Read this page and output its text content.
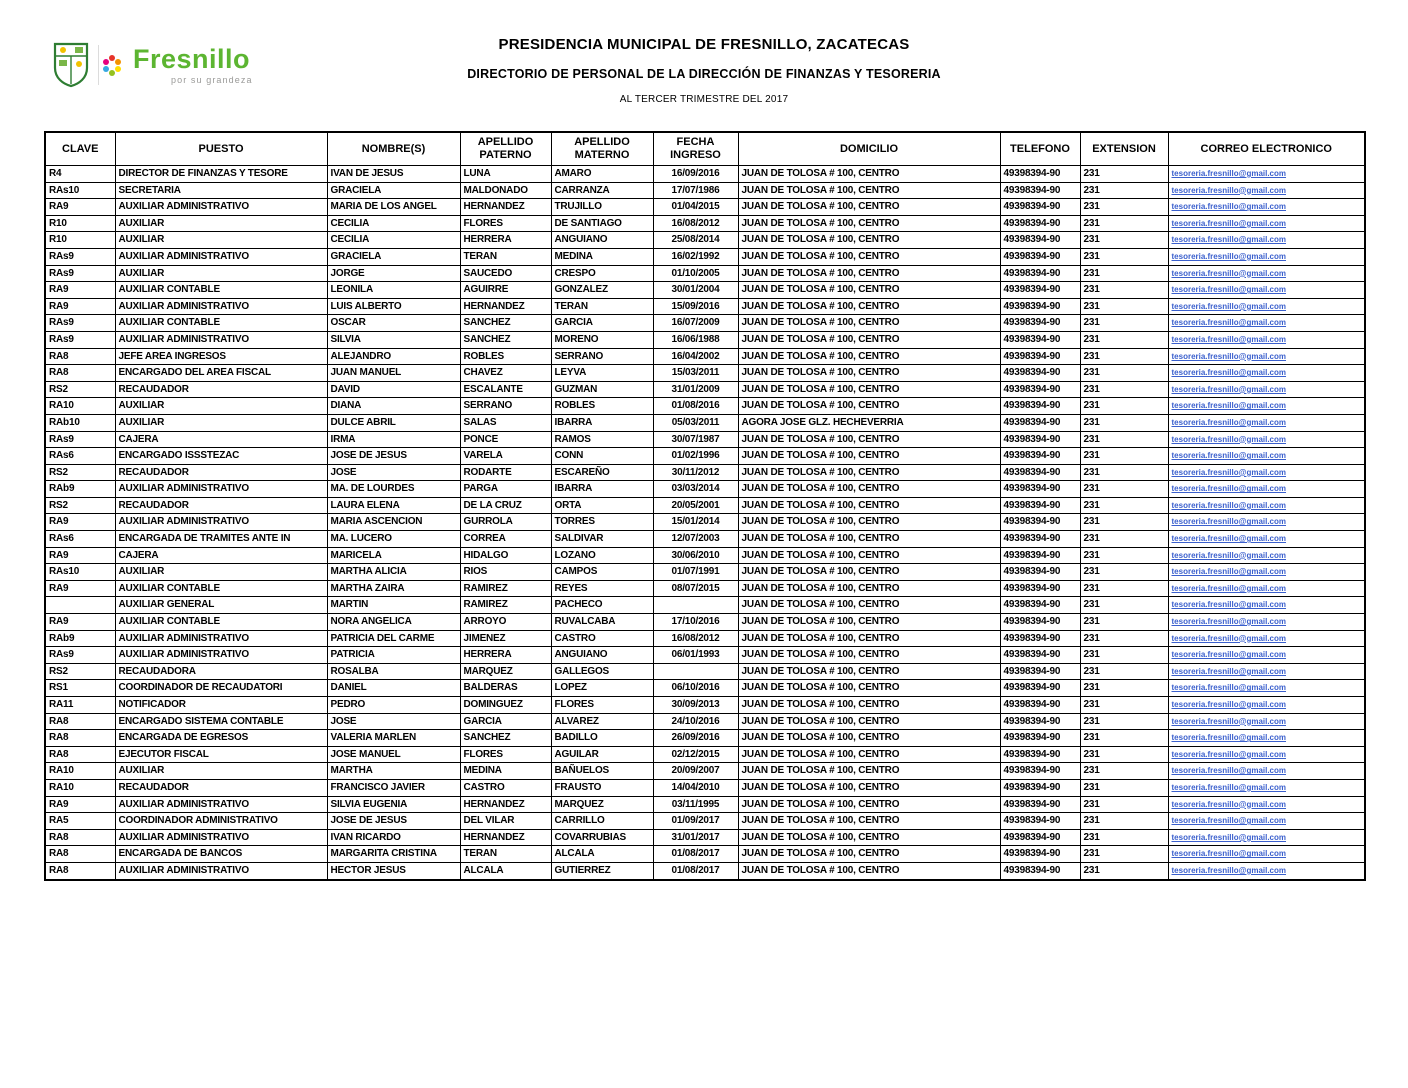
Fresnillo
por su grandeza
PRESIDENCIA MUNICIPAL DE FRESNILLO, ZACATECAS
DIRECTORIO DE PERSONAL DE LA DIRECCIÓN DE FINANZAS Y TESORERIA
AL TERCER TRIMESTRE DEL 2017
CLAVE	PUESTO	NOMBRE(S)	APELLIDO PATERNO	APELLIDO MATERNO	FECHA INGRESO	DOMICILIO	TELEFONO	EXTENSION	CORREO ELECTRONICO
R4	DIRECTOR DE FINANZAS Y TESORE	IVAN DE JESUS	LUNA	AMARO	16/09/2016	JUAN DE TOLOSA # 100, CENTRO	49398394-90	231	tesoreria.fresnillo@gmail.com
RAs10	SECRETARIA	GRACIELA	MALDONADO	CARRANZA	17/07/1986	JUAN DE TOLOSA # 100, CENTRO	49398394-90	231	tesoreria.fresnillo@gmail.com
RA9	AUXILIAR ADMINISTRATIVO	MARIA DE LOS ANGEL	HERNANDEZ	TRUJILLO	01/04/2015	JUAN DE TOLOSA # 100, CENTRO	49398394-90	231	tesoreria.fresnillo@gmail.com
R10	AUXILIAR	CECILIA	FLORES	DE SANTIAGO	16/08/2012	JUAN DE TOLOSA # 100, CENTRO	49398394-90	231	tesoreria.fresnillo@gmail.com
R10	AUXILIAR	CECILIA	HERRERA	ANGUIANO	25/08/2014	JUAN DE TOLOSA # 100, CENTRO	49398394-90	231	tesoreria.fresnillo@gmail.com
RAs9	AUXILIAR ADMINISTRATIVO	GRACIELA	TERAN	MEDINA	16/02/1992	JUAN DE TOLOSA # 100, CENTRO	49398394-90	231	tesoreria.fresnillo@gmail.com
RAs9	AUXILIAR	JORGE	SAUCEDO	CRESPO	01/10/2005	JUAN DE TOLOSA # 100, CENTRO	49398394-90	231	tesoreria.fresnillo@gmail.com
RA9	AUXILIAR CONTABLE	LEONILA	AGUIRRE	GONZALEZ	30/01/2004	JUAN DE TOLOSA # 100, CENTRO	49398394-90	231	tesoreria.fresnillo@gmail.com
RA9	AUXILIAR ADMINISTRATIVO	LUIS ALBERTO	HERNANDEZ	TERAN	15/09/2016	JUAN DE TOLOSA # 100, CENTRO	49398394-90	231	tesoreria.fresnillo@gmail.com
RAs9	AUXILIAR CONTABLE	OSCAR	SANCHEZ	GARCIA	16/07/2009	JUAN DE TOLOSA # 100, CENTRO	49398394-90	231	tesoreria.fresnillo@gmail.com
RAs9	AUXILIAR ADMINISTRATIVO	SILVIA	SANCHEZ	MORENO	16/06/1988	JUAN DE TOLOSA # 100, CENTRO	49398394-90	231	tesoreria.fresnillo@gmail.com
RA8	JEFE AREA INGRESOS	ALEJANDRO	ROBLES	SERRANO	16/04/2002	JUAN DE TOLOSA # 100, CENTRO	49398394-90	231	tesoreria.fresnillo@gmail.com
RA8	ENCARGADO DEL AREA FISCAL	JUAN MANUEL	CHAVEZ	LEYVA	15/03/2011	JUAN DE TOLOSA # 100, CENTRO	49398394-90	231	tesoreria.fresnillo@gmail.com
RS2	RECAUDADOR	DAVID	ESCALANTE	GUZMAN	31/01/2009	JUAN DE TOLOSA # 100, CENTRO	49398394-90	231	tesoreria.fresnillo@gmail.com
RA10	AUXILIAR	DIANA	SERRANO	ROBLES	01/08/2016	JUAN DE TOLOSA # 100, CENTRO	49398394-90	231	tesoreria.fresnillo@gmail.com
RAb10	AUXILIAR	DULCE ABRIL	SALAS	IBARRA	05/03/2011	AGORA JOSE GLZ. HECHEVERRIA	49398394-90	231	tesoreria.fresnillo@gmail.com
RAs9	CAJERA	IRMA	PONCE	RAMOS	30/07/1987	JUAN DE TOLOSA # 100, CENTRO	49398394-90	231	tesoreria.fresnillo@gmail.com
RAs6	ENCARGADO ISSSTEZAC	JOSE DE JESUS	VARELA	CONN	01/02/1996	JUAN DE TOLOSA # 100, CENTRO	49398394-90	231	tesoreria.fresnillo@gmail.com
RS2	RECAUDADOR	JOSE	RODARTE	ESCAREÑO	30/11/2012	JUAN DE TOLOSA # 100, CENTRO	49398394-90	231	tesoreria.fresnillo@gmail.com
RAb9	AUXILIAR ADMINISTRATIVO	MA. DE LOURDES	PARGA	IBARRA	03/03/2014	JUAN DE TOLOSA # 100, CENTRO	49398394-90	231	tesoreria.fresnillo@gmail.com
RS2	RECAUDADOR	LAURA ELENA	DE LA CRUZ	ORTA	20/05/2001	JUAN DE TOLOSA # 100, CENTRO	49398394-90	231	tesoreria.fresnillo@gmail.com
RA9	AUXILIAR ADMINISTRATIVO	MARIA ASCENCION	GURROLA	TORRES	15/01/2014	JUAN DE TOLOSA # 100, CENTRO	49398394-90	231	tesoreria.fresnillo@gmail.com
RAs6	ENCARGADA DE TRAMITES ANTE IN	MA. LUCERO	CORREA	SALDIVAR	12/07/2003	JUAN DE TOLOSA # 100, CENTRO	49398394-90	231	tesoreria.fresnillo@gmail.com
RA9	CAJERA	MARICELA	HIDALGO	LOZANO	30/06/2010	JUAN DE TOLOSA # 100, CENTRO	49398394-90	231	tesoreria.fresnillo@gmail.com
RAs10	AUXILIAR	MARTHA ALICIA	RIOS	CAMPOS	01/07/1991	JUAN DE TOLOSA # 100, CENTRO	49398394-90	231	tesoreria.fresnillo@gmail.com
RA9	AUXILIAR CONTABLE	MARTHA ZAIRA	RAMIREZ	REYES	08/07/2015	JUAN DE TOLOSA # 100, CENTRO	49398394-90	231	tesoreria.fresnillo@gmail.com
	AUXILIAR GENERAL	MARTIN	RAMIREZ	PACHECO		JUAN DE TOLOSA # 100, CENTRO	49398394-90	231	tesoreria.fresnillo@gmail.com
RA9	AUXILIAR CONTABLE	NORA ANGELICA	ARROYO	RUVALCABA	17/10/2016	JUAN DE TOLOSA # 100, CENTRO	49398394-90	231	tesoreria.fresnillo@gmail.com
RAb9	AUXILIAR ADMINISTRATIVO	PATRICIA DEL CARME	JIMENEZ	CASTRO	16/08/2012	JUAN DE TOLOSA # 100, CENTRO	49398394-90	231	tesoreria.fresnillo@gmail.com
RAs9	AUXILIAR ADMINISTRATIVO	PATRICIA	HERRERA	ANGUIANO	06/01/1993	JUAN DE TOLOSA # 100, CENTRO	49398394-90	231	tesoreria.fresnillo@gmail.com
RS2	RECAUDADORA	ROSALBA	MARQUEZ	GALLEGOS		JUAN DE TOLOSA # 100, CENTRO	49398394-90	231	tesoreria.fresnillo@gmail.com
RS1	COORDINADOR DE RECAUDATORI	DANIEL	BALDERAS	LOPEZ	06/10/2016	JUAN DE TOLOSA # 100, CENTRO	49398394-90	231	tesoreria.fresnillo@gmail.com
RA11	NOTIFICADOR	PEDRO	DOMINGUEZ	FLORES	30/09/2013	JUAN DE TOLOSA # 100, CENTRO	49398394-90	231	tesoreria.fresnillo@gmail.com
RA8	ENCARGADO SISTEMA CONTABLE	JOSE	GARCIA	ALVAREZ	24/10/2016	JUAN DE TOLOSA # 100, CENTRO	49398394-90	231	tesoreria.fresnillo@gmail.com
RA8	ENCARGADA DE EGRESOS	VALERIA MARLEN	SANCHEZ	BADILLO	26/09/2016	JUAN DE TOLOSA # 100, CENTRO	49398394-90	231	tesoreria.fresnillo@gmail.com
RA8	EJECUTOR FISCAL	JOSE MANUEL	FLORES	AGUILAR	02/12/2015	JUAN DE TOLOSA # 100, CENTRO	49398394-90	231	tesoreria.fresnillo@gmail.com
RA10	AUXILIAR	MARTHA	MEDINA	BAÑUELOS	20/09/2007	JUAN DE TOLOSA # 100, CENTRO	49398394-90	231	tesoreria.fresnillo@gmail.com
RA10	RECAUDADOR	FRANCISCO JAVIER	CASTRO	FRAUSTO	14/04/2010	JUAN DE TOLOSA # 100, CENTRO	49398394-90	231	tesoreria.fresnillo@gmail.com
RA9	AUXILIAR ADMINISTRATIVO	SILVIA EUGENIA	HERNANDEZ	MARQUEZ	03/11/1995	JUAN DE TOLOSA # 100, CENTRO	49398394-90	231	tesoreria.fresnillo@gmail.com
RA5	COORDINADOR ADMINISTRATIVO	JOSE DE JESUS	DEL VILAR	CARRILLO	01/09/2017	JUAN DE TOLOSA # 100, CENTRO	49398394-90	231	tesoreria.fresnillo@gmail.com
RA8	AUXILIAR ADMINISTRATIVO	IVAN RICARDO	HERNANDEZ	COVARRUBIAS	31/01/2017	JUAN DE TOLOSA # 100, CENTRO	49398394-90	231	tesoreria.fresnillo@gmail.com
RA8	ENCARGADA DE BANCOS	MARGARITA CRISTINA	TERAN	ALCALA	01/08/2017	JUAN DE TOLOSA # 100, CENTRO	49398394-90	231	tesoreria.fresnillo@gmail.com
RA8	AUXILIAR ADMINISTRATIVO	HECTOR JESUS	ALCALA	GUTIERREZ	01/08/2017	JUAN DE TOLOSA # 100, CENTRO	49398394-90	231	tesoreria.fresnillo@gmail.com
